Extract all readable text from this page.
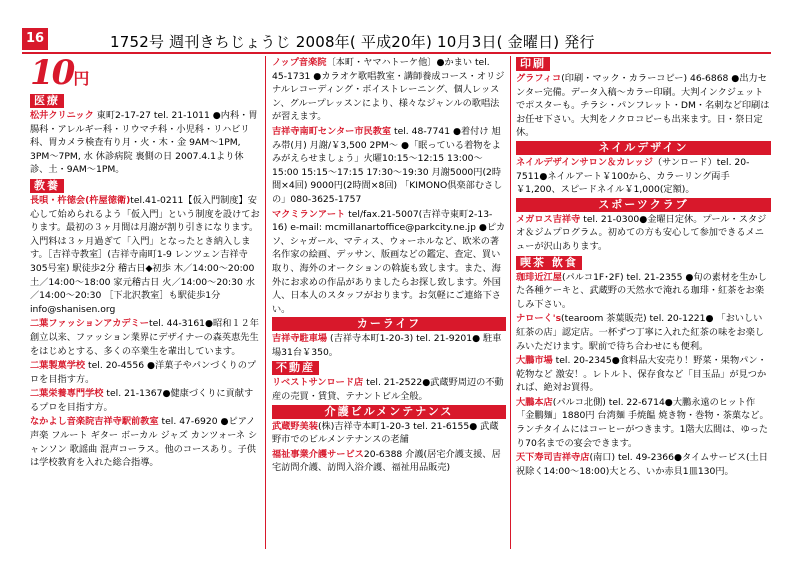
16	1752号 週刊きちじょうじ 2008年( 平成20年) 10月3日( 金曜日) 発行
10円
医療
松井クリニック 東町2-17-27 tel. 21-1011 ●内科・胃腸科・アレルギー科・リウマチ科・小児科・リハビリ科、胃カメラ検査有り月・火・木・金 9AM〜1PM, 3PM〜7PM, 水 休診病院 裏側の日 2007.4.1より休診、土・9AM〜1PM。
教養
長唄・杵徳会(杵屋徳衛)tel.41-0211【仮入門制度】安心して始められるよう「仮入門」という制度を設けております。最初の３ヶ月間は月謝が割り引きになります。入門料は３ヶ月過ぎて「入門」となったとき納入します。［吉祥寺教室］(吉祥寺南町1-9 レンツェン吉祥寺305号室) 駅徒歩2分 稽古日◆初歩 木／14:00〜20:00 土／14:00〜18:00 家元稽古日 火／14:00〜20:30 水／14:00〜20:30 ［下北沢教室］も駅徒歩1分 info@shanisen.org
二葉ファッションアカデミーtel. 44-3161●昭和１２年創立以来、ファッション業界にデザイナーの森英恵先生をはじめとする、多くの卒業生を輩出しています。
二葉製菓学校 tel. 20-4556 ●洋菓子やパンづくりのプロを目指す方。
二葉栄養専門学校 tel. 21-1367●健康づくりに貢献するプロを目指す方。
なかよし音楽院吉祥寺駅前教室 tel. 47-6920 ●ピアノ 声楽 フルート ギター ボーカル ジャズ カンツォーネ シャンソン 歌謡曲 混声コーラス。他のコースあり。子供は学校教育を入れた総合指導。
ノップ音楽院〔本町・ヤマハトーケ他〕●かまい tel. 45-1731 ●カラオケ歌唱教室・講師養成コース・オリジナルレコーディング・ボイストレーニング、個人レッスン、グループレッスンにより、様々なジャンルの歌唱法が習えます。
吉祥寺南町センター市民教室 tel. 48-7741 ●着付け 旭み帯(月) 月謝/￥3,500 2PM〜 ●「眠っている着物をよみがえらせましょう」火曜10:15〜12:15 13:00〜15:00 15:15〜17:15 17:30〜19:30 月謝5000円(2時間×4回) 9000円(2時間×8回) 「KIMONO倶楽部むさしの」080-3625-1757
マクミランアート tel/fax.21-5007(吉祥寺東町2-13-16) e-mail: mcmillanartoffice@parkcity.ne.jp ●ピカソ、シャガール、マティス、ウォーホルなど、欧米の著名作家の絵画、デッサン、版画などの鑑定、査定、買い取り、海外のオークションの斡旋も致します。また、海外にお求めの作品がありましたらお探し致します。外国人、日本人のスタッフがおります。お気軽にご連絡下さい。
カーライフ
吉祥寺駐車場 (吉祥寺本町1-20-3) tel. 21-9201● 駐車場31台￥350。
不動産
リベストサンロード店 tel. 21-2522●武蔵野周辺の不動産の売買・賃貸、テナントビル全般。
介護ビルメンテナンス
武蔵野美装(株)吉祥寺本町1-20-3 tel. 21-6155● 武蔵野市でのビルメンテナンスの老舗
福祉事業介護サービス20-6388 介護(居宅介護支援、居宅訪問介護、訪問入浴介護、福祉用品販売)
印刷
グラフィコ(印刷・マック・カラーコピー) 46-6868 ●出力センター完備。データ入稿〜カラー印刷。大判インクジェットでポスターも。チラシ・パンフレット・DM・名刺など印刷はお任せ下さい。大判をノクロコピーも出来ます。日・祭日定休。
ネイルデザイン
ネイルデザインサロン＆カレッジ（サンロード）tel. 20-7511●ネイルアート￥100から、カラーリング両手￥1,200、スピードネイル￥1,000(定額)。
スポーツクラブ
メガロス吉祥寺 tel. 21-0300●金曜日定休。プール・スタジオ＆ジムプログラム。初めての方も安心して参加できるメニューが沢山あります。
喫茶 飲食
珈琲近江屋(パルコ1F･2F) tel. 21-2355 ●旬の素材を生かした各種ケーキと、武蔵野の天然水で淹れる珈琲・紅茶をお楽しみ下さい。
ナローく's(tearoom 茶葉販売) tel. 20-1221● 「おいしい紅茶の店」認定店。一杯ずつ丁寧に入れた紅茶の味をお楽しみいただけます。駅前で待ち合わせにも便利。
大鵬市場 tel. 20-2345●食料品大安売り！野菜・果物パン・乾物など 激安！。レトルト、保存食など「目玉品」が見つかれば、絶対お買得。
大鵬本店(パルコ北側) tel. 22-6714●大鵬永遠のヒット作「金鵬麺」1880円 台湾麺 手焼饂 焼き物・巻物・茶菓など。ランチタイムにはコーヒーがつきます。1階大広間は、ゆったり70名までの宴会できます。
天下寿司吉祥寺店(南口) tel. 49-2366●タイムサービス(土日祝除く14:00〜18:00)大とろ、いか赤貝1皿130円。
